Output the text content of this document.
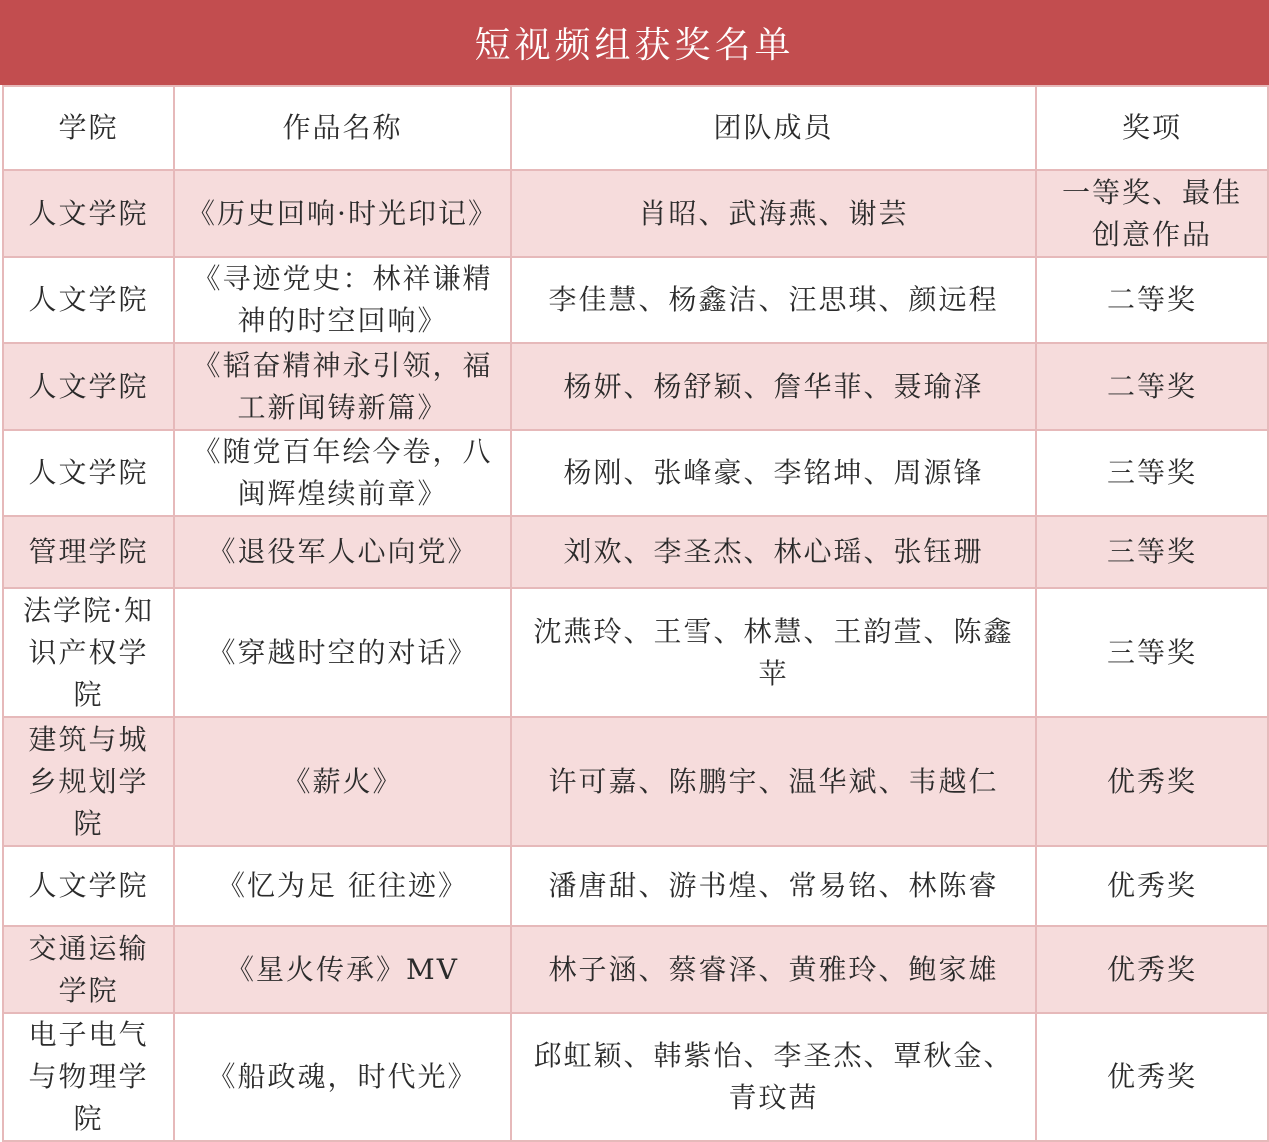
短视频组获奖名单
学院	作品名称	团队成员	奖项
人文学院	《历史回响·时光印记》	肖昭、武海燕、谢芸	一等奖、最佳创意作品
人文学院	《寻迹党史：林祥谦精神的时空回响》	李佳慧、杨鑫洁、汪思琪、颜远程	二等奖
人文学院	《韬奋精神永引领，福工新闻铸新篇》	杨妍、杨舒颖、詹华菲、聂瑜泽	二等奖
人文学院	《随党百年绘今卷，八闽辉煌续前章》	杨刚、张峰豪、李铭坤、周源锋	三等奖
管理学院	《退役军人心向党》	刘欢、李圣杰、林心瑶、张钰珊	三等奖
法学院·知识产权学院	《穿越时空的对话》	沈燕玲、王雪、林慧、王韵萱、陈鑫苹	三等奖
建筑与城乡规划学院	《薪火》	许可嘉、陈鹏宇、温华斌、韦越仁	优秀奖
人文学院	《忆为足 征往迹》	潘唐甜、游书煌、常易铭、林陈睿	优秀奖
交通运输学院	《星火传承》MV	林子涵、蔡睿泽、黄雅玲、鲍家雄	优秀奖
电子电气与物理学院	《船政魂，时代光》	邱虹颖、韩紫怡、李圣杰、覃秋金、青玟茜	优秀奖
